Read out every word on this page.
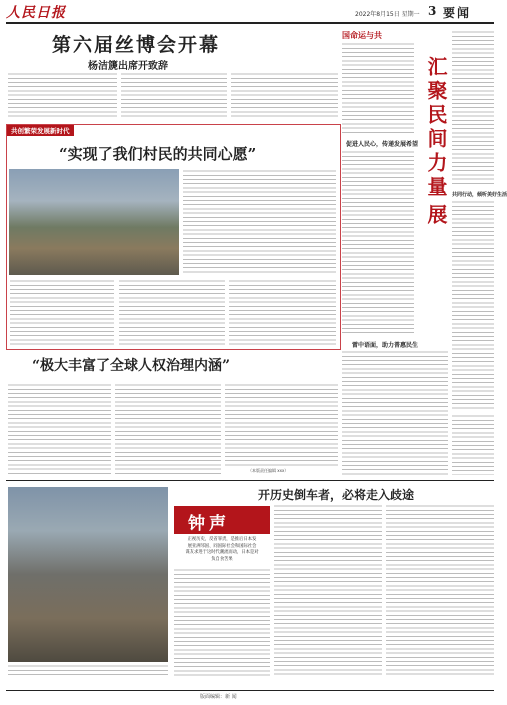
人民日报	2022年8月15日 星期一 3 要闻
第六届丝博会开幕
杨洁篪出席开致辞
共创繁荣发展新时代
“实现了我们村民的共同心愿”
“极大丰富了全球人权治理内涵”
（本版责任编辑 xxx）
国命运与共
汇聚民间力量
展
促进人民心，传递发展希望
共同行动，倾听美好生活
雷中语面，助力普惠民生
开历史倒车者，必将走入歧途
钟声
正视历史，反省罪责，是推后日本发
展亚洲邻国、同国际社会和国际社会
谋友求进于这时代潮流而动，日本是对
负自食苦果
版面编辑：新 闻
